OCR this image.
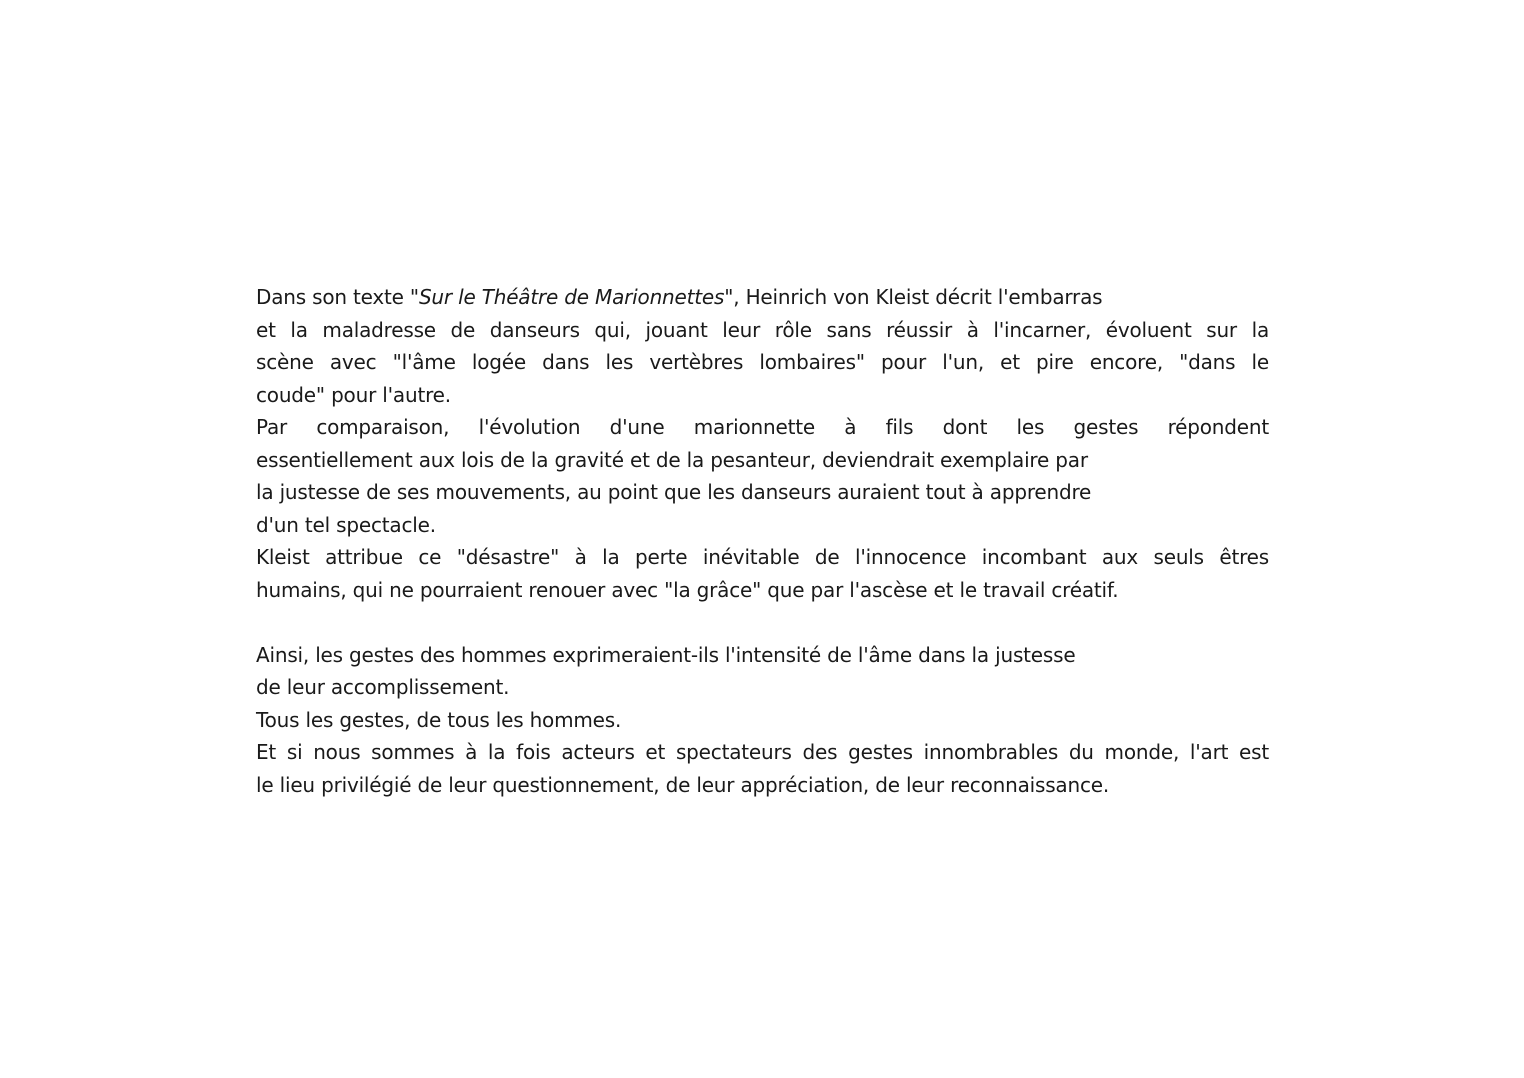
Dans son texte "Sur le Théâtre de Marionnettes", Heinrich von Kleist décrit l'embarras
et la maladresse de danseurs qui, jouant leur rôle sans réussir à l'incarner, évoluent sur la
scène avec "l'âme logée dans les vertèbres lombaires" pour l'un, et pire encore, "dans le
coude" pour l'autre.
Par comparaison, l'évolution d'une marionnette à fils dont les gestes répondent
essentiellement aux lois de la gravité et de la pesanteur, deviendrait exemplaire par
la justesse de ses mouvements, au point que les danseurs auraient tout à apprendre
d'un tel spectacle.
Kleist attribue ce "désastre" à la perte inévitable de l'innocence incombant aux seuls êtres
humains, qui ne pourraient renouer avec "la grâce" que par l'ascèse et le travail créatif.
Ainsi, les gestes des hommes exprimeraient-ils l'intensité de l'âme dans la justesse
de leur accomplissement.
Tous les gestes, de tous les hommes.
Et si nous sommes à la fois acteurs et spectateurs des gestes innombrables du monde, l'art est
le lieu privilégié de leur questionnement, de leur appréciation, de leur reconnaissance.
